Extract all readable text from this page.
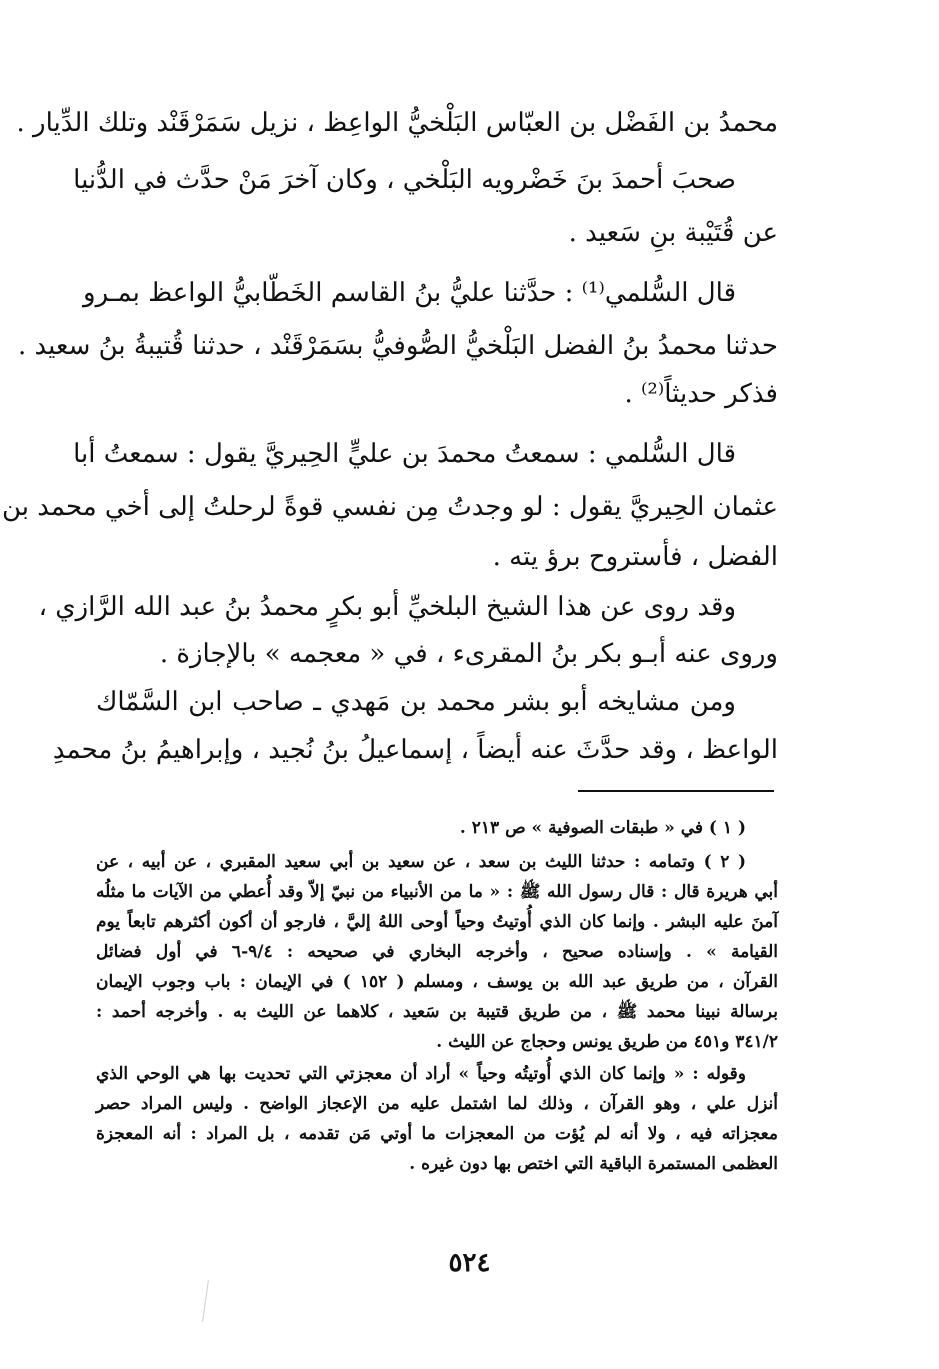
محمدُ بن الفَضْل بن العبّاس البَلْخيُّ الواعِظ ، نزيل سَمَرْقَنْد وتلك الدِّيار .
صحبَ أحمدَ بنَ خَضْرويه البَلْخي ، وكان آخرَ مَنْ حدَّث في الدُّنيا
عن قُتَيْبة بنِ سَعيد .
قال السُّلمي⁽¹⁾ : حدَّثنا عليُّ بنُ القاسم الخَطّابيُّ الواعظ بمـرو
حدثنا محمدُ بنُ الفضل البَلْخيُّ الصُّوفيُّ بسَمَرْقَنْد ، حدثنا قُتيبةُ بنُ سعيد .
فذكر حديثاً⁽²⁾ .
قال السُّلمي : سمعتُ محمدَ بن عليٍّ الحِيريَّ يقول : سمعتُ أبا
عثمان الحِيريَّ يقول : لو وجدتُ مِن نفسي قوةً لرحلتُ إلى أخي محمد بن
الفضل ، فأستروح برؤ يته .
وقد روى عن هذا الشيخ البلخيِّ أبو بكرٍ محمدُ بنُ عبد الله الرَّازي ،
وروى عنه أبـو بكر بنُ المقرىء ، في « معجمه » بالإجازة .
ومن مشايخه أبو بشر محمد بن مَهدي ـ صاحب ابن السَّمّاك
الواعظ ، وقد حدَّثَ عنه أيضاً ، إسماعيلُ بنُ نُجيد ، وإبراهيمُ بنُ محمدِ
( ١ ) في « طبقات الصوفية » ص ٢١٣ .
( ٢ ) وتمامه : حدثنا الليث بن سعد ، عن سعيد بن أبي سعيد المقبري ، عن أبيه ، عن
أبي هريرة قال : قال رسول الله ﷺ : « ما من الأنبياء من نبيّ إلاّ وقد أُعطي من الآيات ما مثلُه
آمنَ عليه البشر . وإنما كان الذي أُوتيتُ وحياً أوحى اللهُ إليَّ ، فارجو أن أكون أكثرهم تابعاً يوم
القيامة » . وإسناده صحيح ، وأخرجه البخاري في صحيحه : ٩/٤-٦ في أول فضائل
القرآن ، من طريق عبد الله بن يوسف ، ومسلم ( ١٥٢ ) في الإيمان : باب وجوب الإيمان
برسالة نبينا محمد ﷺ ، من طريق قتيبة بن سَعيد ، كلاهما عن الليث به . وأخرجه أحمد :
٣٤١/٢ و٤٥١ من طريق يونس وحجاج عن الليث .
وقوله : « وإنما كان الذي أُوتيتُه وحياً » أراد أن معجزتي التي تحديت بها هي الوحي الذي
أنزل علي ، وهو القرآن ، وذلك لما اشتمل عليه من الإعجاز الواضح . وليس المراد حصر
معجزاته فيه ، ولا أنه لم يُؤت من المعجزات ما أوتي مَن تقدمه ، بل المراد : أنه المعجزة
العظمى المستمرة الباقية التي اختص بها دون غيره .
٥٢٤
